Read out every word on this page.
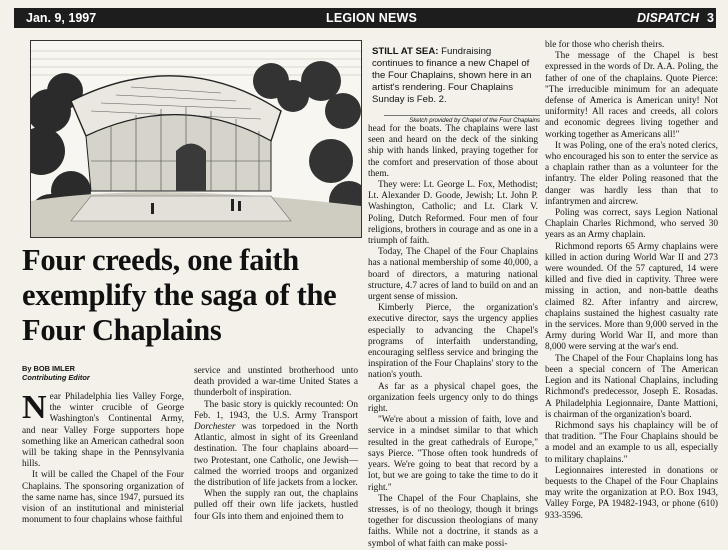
Jan. 9, 1997	LEGION NEWS	DISPATCH 3
STILL AT SEA: Fundraising continues to finance a new Chapel of the Four Chaplains, shown here in an artist's rendering. Four Chaplains Sunday is Feb. 2.
Sketch provided by Chapel of the Four Chaplains
Four creeds, one faith exemplify the saga of the Four Chaplains
By BOB IMLER
Contributing Editor

Near Philadelphia lies Valley Forge, the winter crucible of George Washington's Continental Army, and near Valley Forge supporters hope something like an American cathedral soon will be taking shape in the Pennsylvania hills.

It will be called the Chapel of the Four Chaplains. The sponsoring organization of the same name has, since 1947, pursued its vision of an institutional and ministerial monument to four chaplains whose faithful

service and unstinted brotherhood unto death provided a war-time United States a thunderbolt of inspiration.

The basic story is quickly recounted: On Feb. 1, 1943, the U.S. Army Transport Dorchester was torpedoed in the North Atlantic, almost in sight of its Greenland destination. The four chaplains aboard—two Protestant, one Catholic, one Jewish—calmed the worried troops and organized the distribution of life jackets from a locker.

When the supply ran out, the chaplains pulled off their own life jackets, hustled four GIs into them and enjoined them to

head for the boats. The chaplains were last seen and heard on the deck of the sinking ship with hands linked, praying together for the comfort and preservation of those about them.

They were: Lt. George L. Fox, Methodist; Lt. Alexander D. Goode, Jewish; Lt. John P. Washington, Catholic; and Lt. Clark V. Poling, Dutch Reformed. Four men of four religions, brothers in courage and as one in a triumph of faith.

Today, The Chapel of the Four Chaplains has a national membership of some 40,000, a board of directors, a maturing national structure, 4.7 acres of land to build on and an urgent sense of mission.

Kimberly Pierce, the organization's executive director, says the urgency applies especially to advancing the Chapel's programs of interfaith understanding, encouraging selfless service and bringing the inspiration of the Four Chaplains' story to the nation's youth.

As far as a physical chapel goes, the organization feels urgency only to do things right.

"We're about a mission of faith, love and service in a mindset similar to that which resulted in the great cathedrals of Europe," says Pierce. "Those often took hundreds of years. We're going to beat that record by a lot, but we are going to take the time to do it right."

The Chapel of the Four Chaplains, she stresses, is of no theology, though it brings together for discussion theologians of many faiths. While not a doctrine, it stands as a symbol of what faith can make possi-

ble for those who cherish theirs.

The message of the Chapel is best expressed in the words of Dr. A.A. Poling, the father of one of the chaplains. Quote Pierce: "The irreducible minimum for an adequate defense of America is American unity! Not uniformity! All races and creeds, all colors and economic degrees living together and working together as Americans all!"

It was Poling, one of the era's noted clerics, who encouraged his son to enter the service as a chaplain rather than as a volunteer for the infantry. The elder Poling reasoned that the danger was hardly less than that to infantrymen and aircrew.

Poling was correct, says Legion National Chaplain Charles Richmond, who served 30 years as an Army chaplain.

Richmond reports 65 Army chaplains were killed in action during World War II and 273 were wounded. Of the 57 captured, 14 were killed and five died in captivity. Three were missing in action, and non-battle deaths claimed 82. After infantry and aircrew, chaplains sustained the highest casualty rate in the services. More than 9,000 served in the Army during World War II, and more than 8,000 were serving at the war's end.

The Chapel of the Four Chaplains long has been a special concern of The American Legion and its National Chaplains, including Richmond's predecessor, Joseph E. Rosadas. A Philadelphia Legionnaire, Dante Mattioni, is chairman of the organization's board.

Richmond says his chaplaincy will be of that tradition. "The Four Chaplains should be a model and an example to us all, especially to military chaplains."

Legionnaires interested in donations or bequests to the Chapel of the Four Chaplains may write the organization at P.O. Box 1943, Valley Forge, PA 19482-1943, or phone (610) 933-3596.
